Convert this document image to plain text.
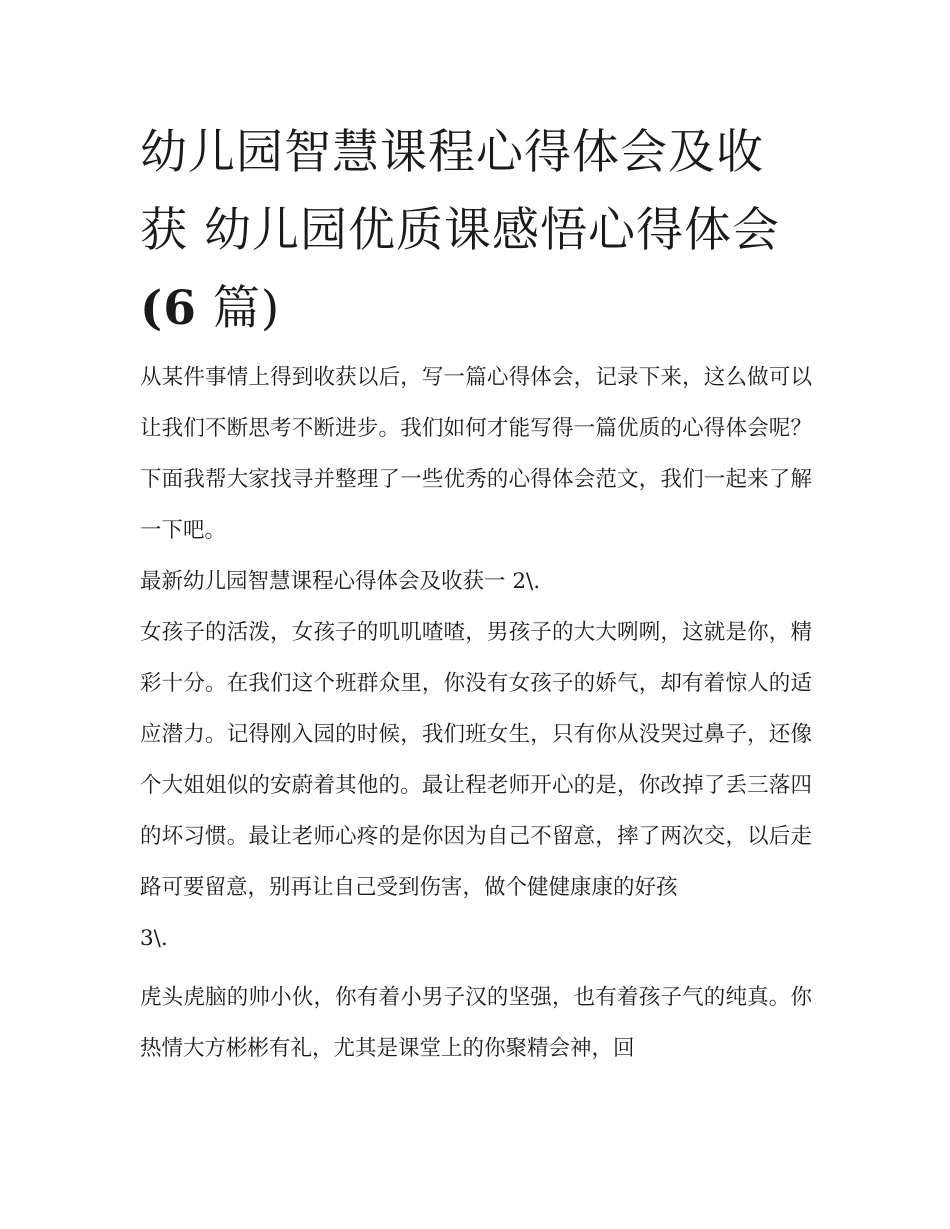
幼儿园智慧课程心得体会及收
获 幼儿园优质课感悟心得体会
(6 篇)

从某件事情上得到收获以后，写一篇心得体会，记录下来，这么做可以让我们不断思考不断进步。我们如何才能写得一篇优质的心得体会呢？下面我帮大家找寻并整理了一些优秀的心得体会范文，我们一起来了解一下吧。

最新幼儿园智慧课程心得体会及收获一 2\.

女孩子的活泼，女孩子的叽叽喳喳，男孩子的大大咧咧，这就是你，精彩十分。在我们这个班群众里，你没有女孩子的娇气，却有着惊人的适应潜力。记得刚入园的时候，我们班女生，只有你从没哭过鼻子，还像个大姐姐似的安蔚着其他的。最让程老师开心的是，你改掉了丢三落四的坏习惯。最让老师心疼的是你因为自己不留意，摔了两次交，以后走路可要留意，别再让自己受到伤害，做个健健康康的好孩

3\.

虎头虎脑的帅小伙，你有着小男子汉的坚强，也有着孩子气的纯真。你热情大方彬彬有礼，尤其是课堂上的你聚精会神，回
